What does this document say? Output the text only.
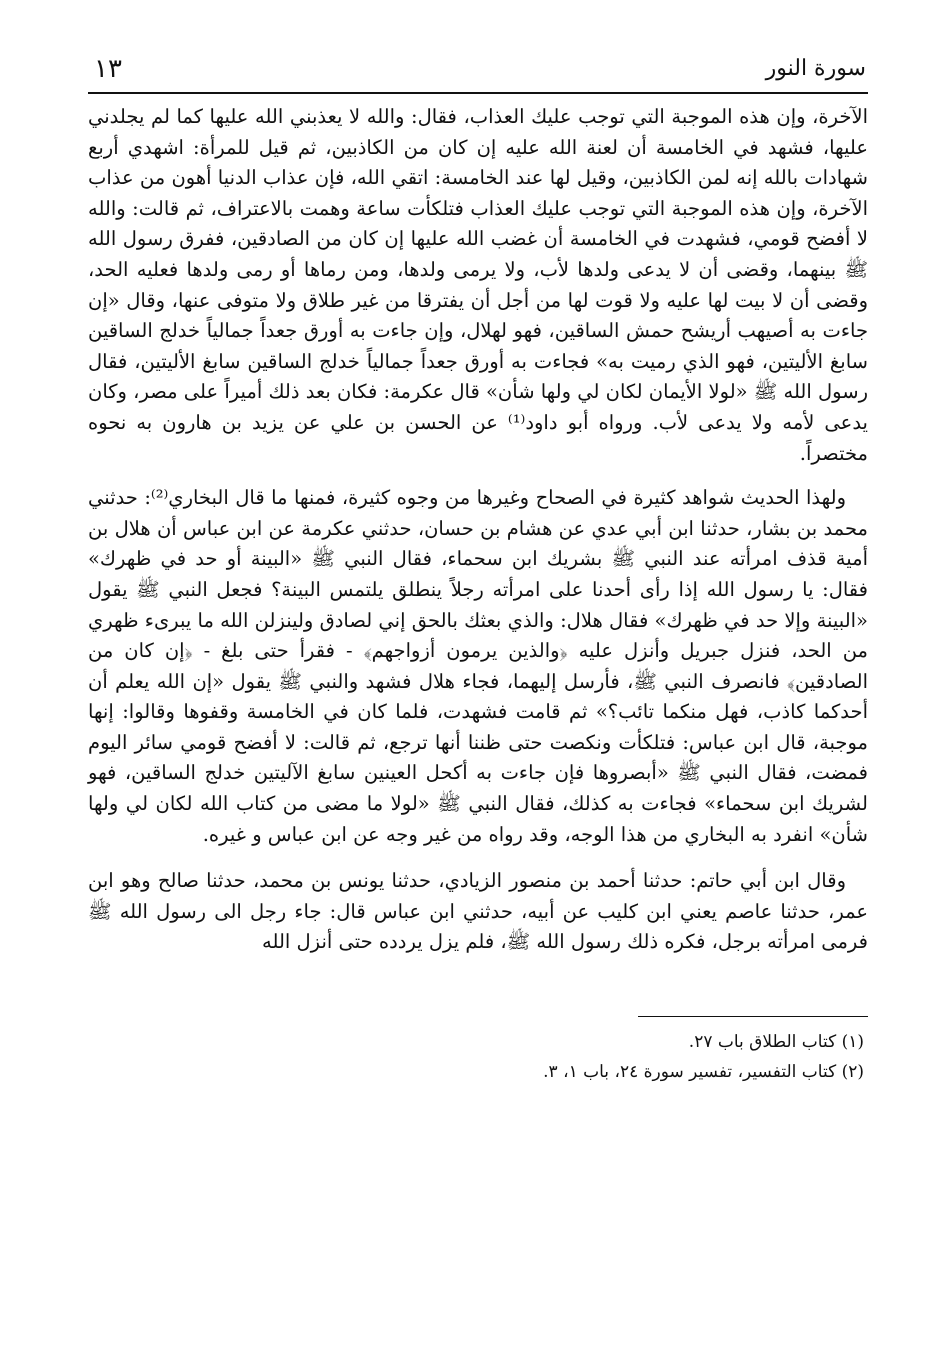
سورة النور
١٣

الآخرة، وإن هذه الموجبة التي توجب عليك العذاب، فقال: والله لا يعذبني الله عليها كما لم يجلدني عليها، فشهد في الخامسة أن لعنة الله عليه إن كان من الكاذبين، ثم قيل للمرأة: اشهدي أربع شهادات بالله إنه لمن الكاذبين، وقيل لها عند الخامسة: اتقي الله، فإن عذاب الدنيا أهون من عذاب الآخرة، وإن هذه الموجبة التي توجب عليك العذاب فتلكأت ساعة وهمت بالاعتراف، ثم قالت: والله لا أفضح قومي، فشهدت في الخامسة أن غضب الله عليها إن كان من الصادقين، ففرق رسول الله ﷺ بينهما، وقضى أن لا يدعى ولدها لأب، ولا يرمى ولدها، ومن رماها أو رمى ولدها فعليه الحد، وقضى أن لا بيت لها عليه ولا قوت لها من أجل أن يفترقا من غير طلاق ولا متوفى عنها، وقال «إن جاءت به أصيهب أريشح حمش الساقين، فهو لهلال، وإن جاءت به أورق جعداً جمالياً خدلج الساقين سابغ الأليتين، فهو الذي رميت به» فجاءت به أورق جعداً جمالياً خدلج الساقين سابغ الأليتين، فقال رسول الله ﷺ «لولا الأيمان لكان لي ولها شأن» قال عكرمة: فكان بعد ذلك أميراً على مصر، وكان يدعى لأمه ولا يدعى لأب. ورواه أبو داود⁽¹⁾ عن الحسن بن علي عن يزيد بن هارون به نحوه مختصراً.

ولهذا الحديث شواهد كثيرة في الصحاح وغيرها من وجوه كثيرة، فمنها ما قال البخاري⁽²⁾: حدثني محمد بن بشار، حدثنا ابن أبي عدي عن هشام بن حسان، حدثني عكرمة عن ابن عباس أن هلال بن أمية قذف امرأته عند النبي ﷺ بشريك ابن سحماء، فقال النبي ﷺ «البينة أو حد في ظهرك» فقال: يا رسول الله إذا رأى أحدنا على امرأته رجلاً ينطلق يلتمس البينة؟ فجعل النبي ﷺ يقول «البينة وإلا حد في ظهرك» فقال هلال: والذي بعثك بالحق إني لصادق ولينزلن الله ما يبرىء ظهري من الحد، فنزل جبريل وأنزل عليه ﴿والذين يرمون أزواجهم﴾ - فقرأ حتى بلغ - ﴿إن كان من الصادقين﴾ فانصرف النبي ﷺ، فأرسل إليهما، فجاء هلال فشهد والنبي ﷺ يقول «إن الله يعلم أن أحدكما كاذب، فهل منكما تائب؟» ثم قامت فشهدت، فلما كان في الخامسة وقفوها وقالوا: إنها موجبة، قال ابن عباس: فتلكأت ونكصت حتى ظننا أنها ترجع، ثم قالت: لا أفضح قومي سائر اليوم فمضت، فقال النبي ﷺ «أبصروها فإن جاءت به أكحل العينين سابغ الآليتين خدلج الساقين، فهو لشريك ابن سحماء» فجاءت به كذلك، فقال النبي ﷺ «لولا ما مضى من كتاب الله لكان لي ولها شأن» انفرد به البخاري من هذا الوجه، وقد رواه من غير وجه عن ابن عباس و غيره.

وقال ابن أبي حاتم: حدثنا أحمد بن منصور الزيادي، حدثنا يونس بن محمد، حدثنا صالح وهو ابن عمر، حدثنا عاصم يعني ابن كليب عن أبيه، حدثني ابن عباس قال: جاء رجل الى رسول الله ﷺ فرمى امرأته برجل، فكره ذلك رسول الله ﷺ، فلم يزل يردده حتى أنزل الله

(١) كتاب الطلاق باب ٢٧.

(٢) كتاب التفسير، تفسير سورة ٢٤، باب ١، ٣.
